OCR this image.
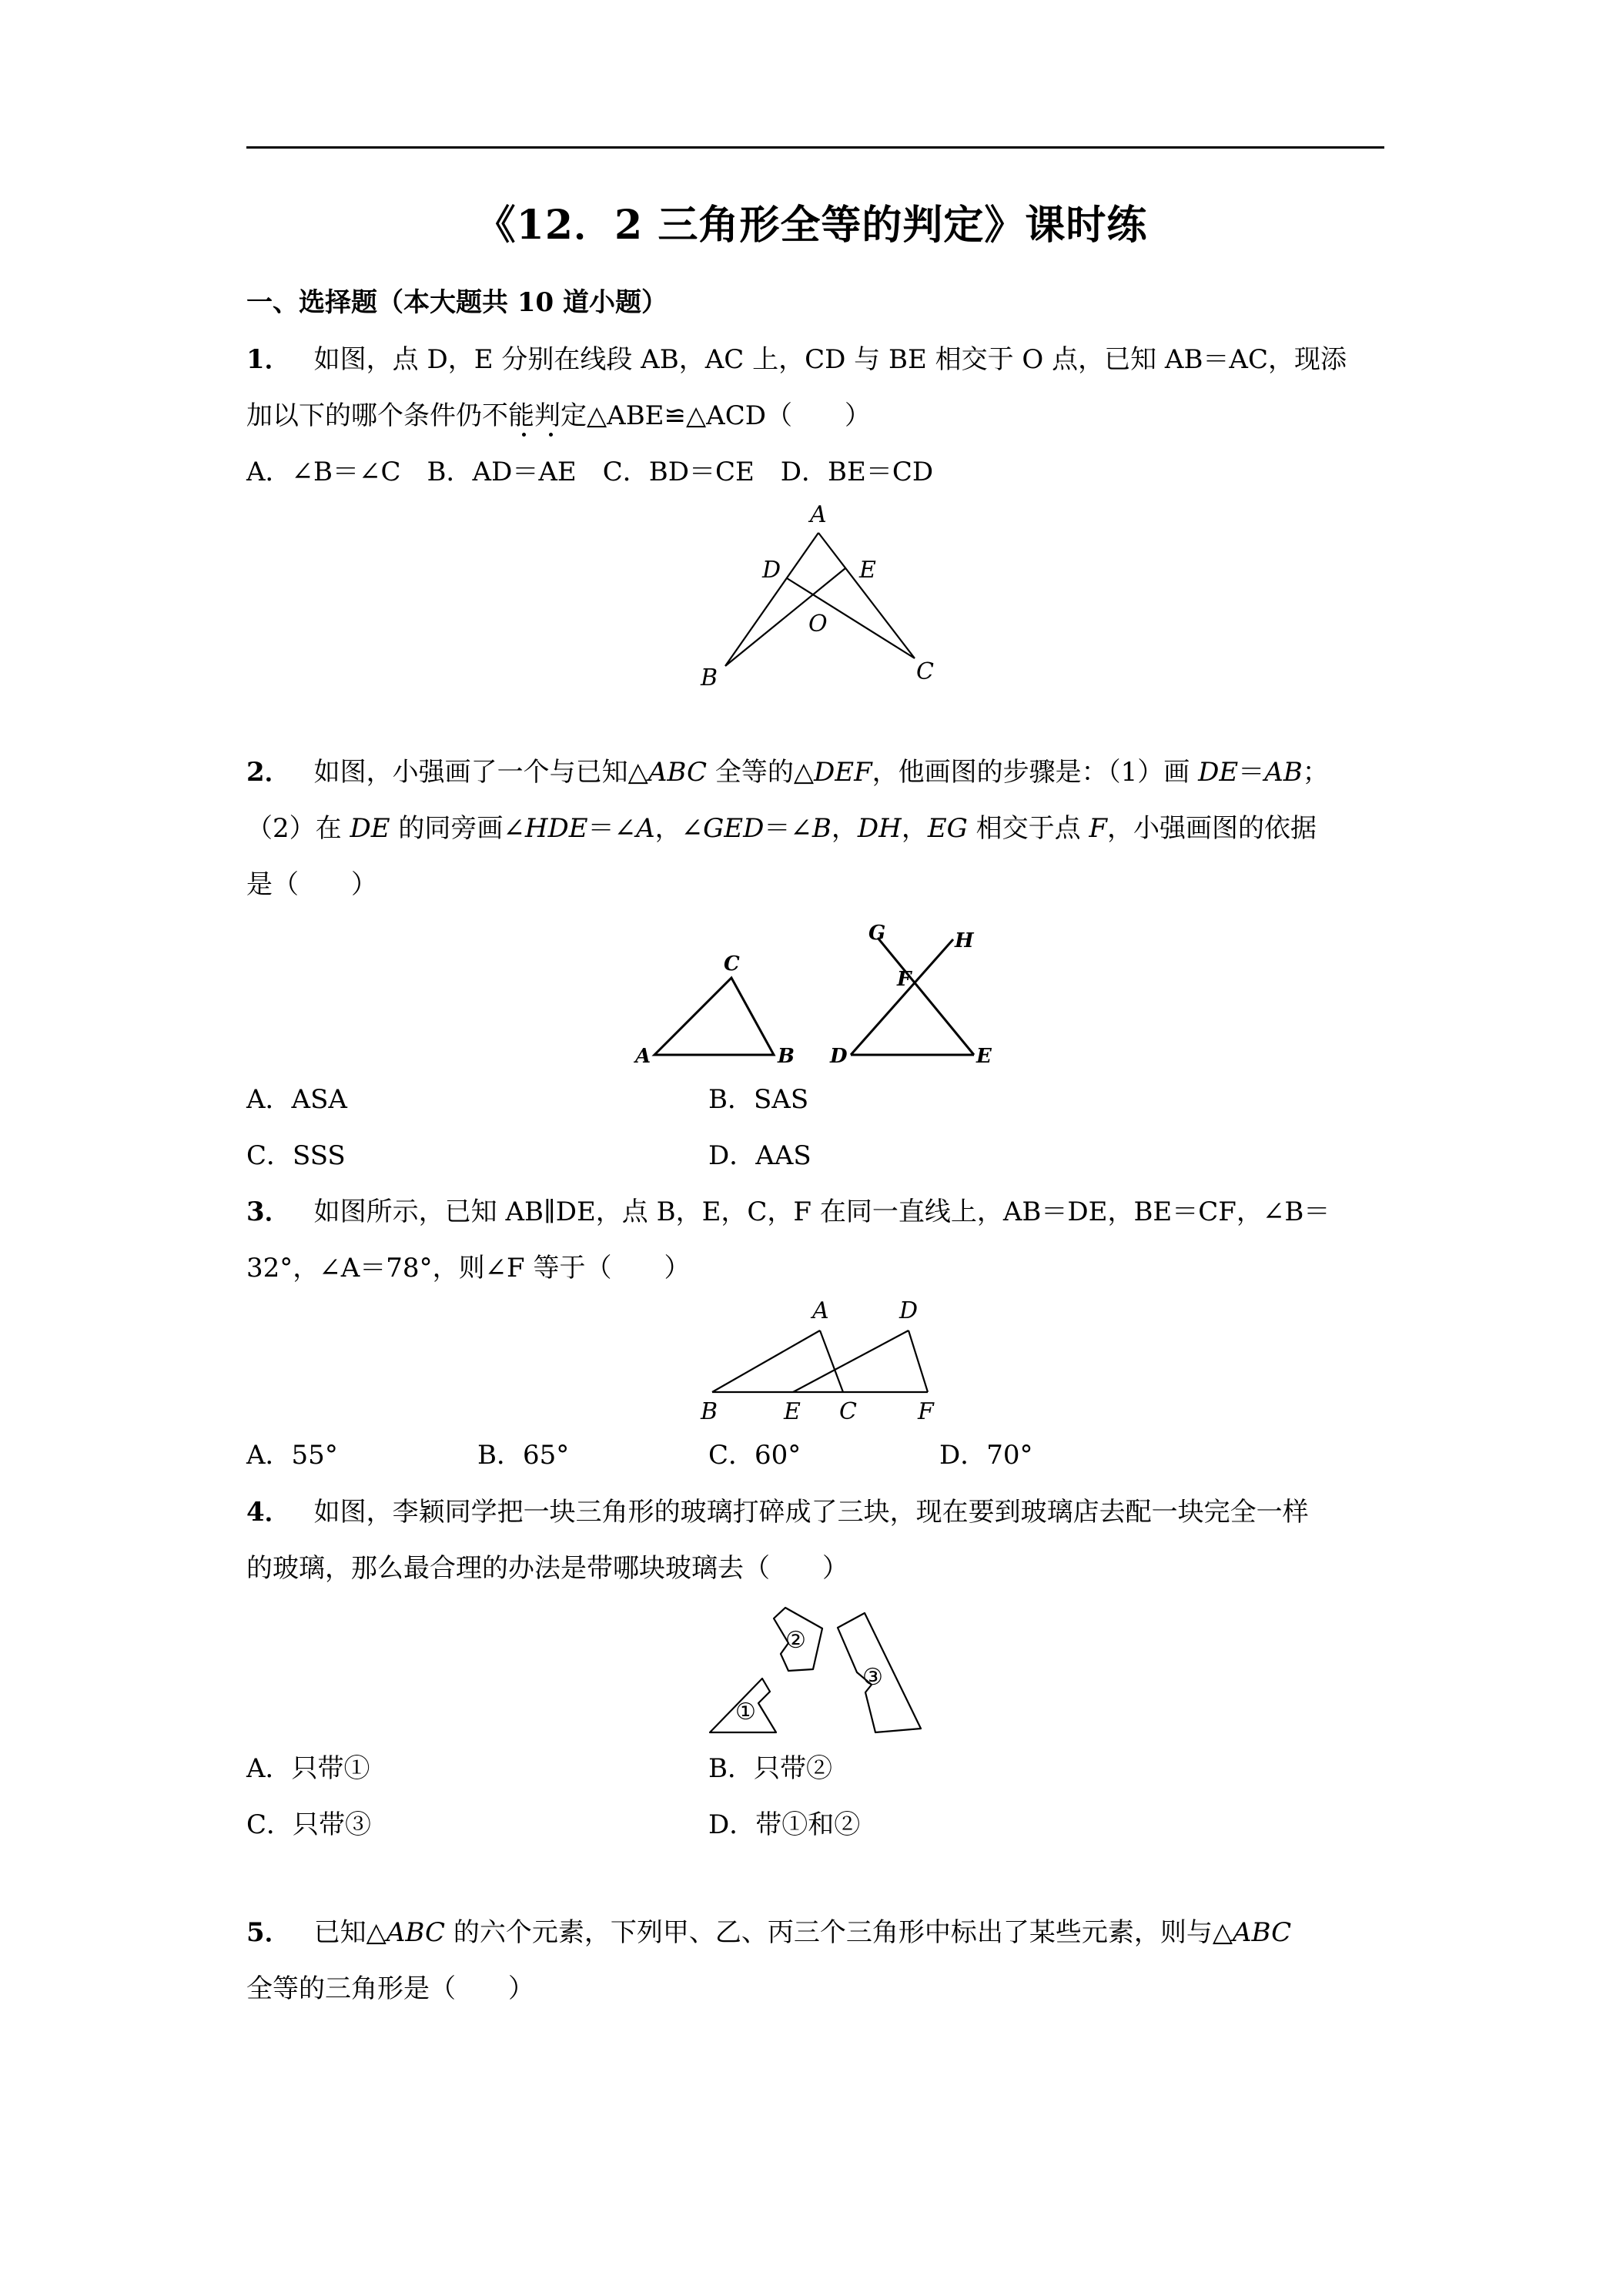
《12．2 三角形全等的判定》课时练
一、选择题（本大题共 10 道小题）
1． 如图，点 D，E 分别在线段 AB，AC 上，CD 与 BE 相交于 O 点，已知 AB＝AC，现添
加以下的哪个条件仍不能判定△ABE≌△ACD（　　）
A．∠B＝∠C　B．AD＝AE　C．BD＝CE　D．BE＝CD
A
D	E
O
B	C
2． 如图，小强画了一个与已知△ABC 全等的△DEF，他画图的步骤是：（1）画 DE＝AB；
（2）在 DE 的同旁画∠HDE＝∠A，∠GED＝∠B，DH，EG 相交于点 F，小强画图的依据
是（　　）
C
A	B D	E
F
G	H
A．ASA	B．SAS
C．SSS	D．AAS
3． 如图所示，已知 AB∥DE，点 B，E，C，F 在同一直线上，AB＝DE，BE＝CF，∠B＝
32°，∠A＝78°，则∠F 等于（　　）
A	D
B	E C	F
A．55°	B．65°	C．60°	D．70°
4． 如图，李颖同学把一块三角形的玻璃打碎成了三块，现在要到玻璃店去配一块完全一样
的玻璃，那么最合理的办法是带哪块玻璃去（　　）
①
②
③
A．只带①	B．只带②
C．只带③	D．带①和②
5． 已知△ABC 的六个元素，下列甲、乙、丙三个三角形中标出了某些元素，则与△ABC
全等的三角形是（　　）
